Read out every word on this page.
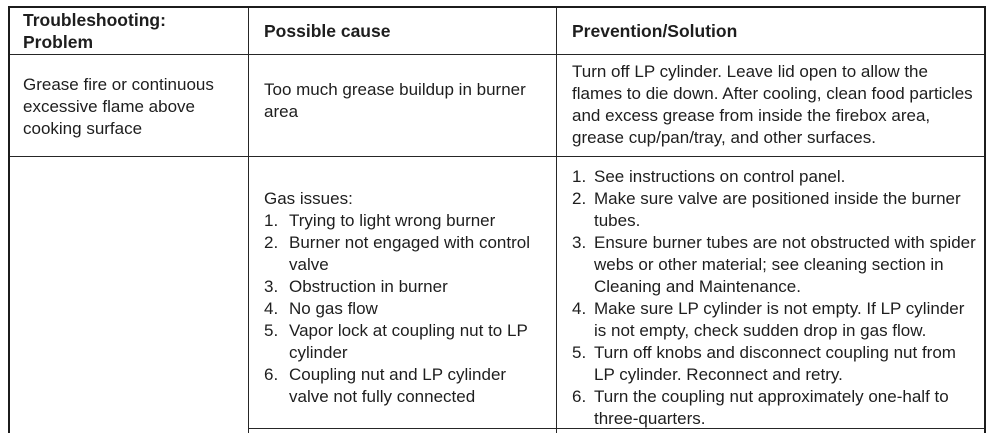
Troubleshooting: Problem
Possible cause	Prevention/Solution
Grease fire or continuous excessive flame above cooking surface
Too much grease buildup in burner area
Turn off LP cylinder. Leave lid open to allow the flames to die down. After cooling, clean food particles and excess grease from inside the firebox area, grease cup/pan/tray, and other surfaces.
Gas issues:
1. Trying to light wrong burner
2. Burner not engaged with control valve
3. Obstruction in burner
4. No gas flow
5. Vapor lock at coupling nut to LP cylinder
6. Coupling nut and LP cylinder valve not fully connected
1. See instructions on control panel.
2. Make sure valve are positioned inside the burner tubes.
3. Ensure burner tubes are not obstructed with spider webs or other material; see cleaning section in Cleaning and Maintenance.
4. Make sure LP cylinder is not empty. If LP cylinder is not empty, check sudden drop in gas flow.
5. Turn off knobs and disconnect coupling nut from LP cylinder. Reconnect and retry.
6. Turn the coupling nut approximately one-half to three-quarters.
